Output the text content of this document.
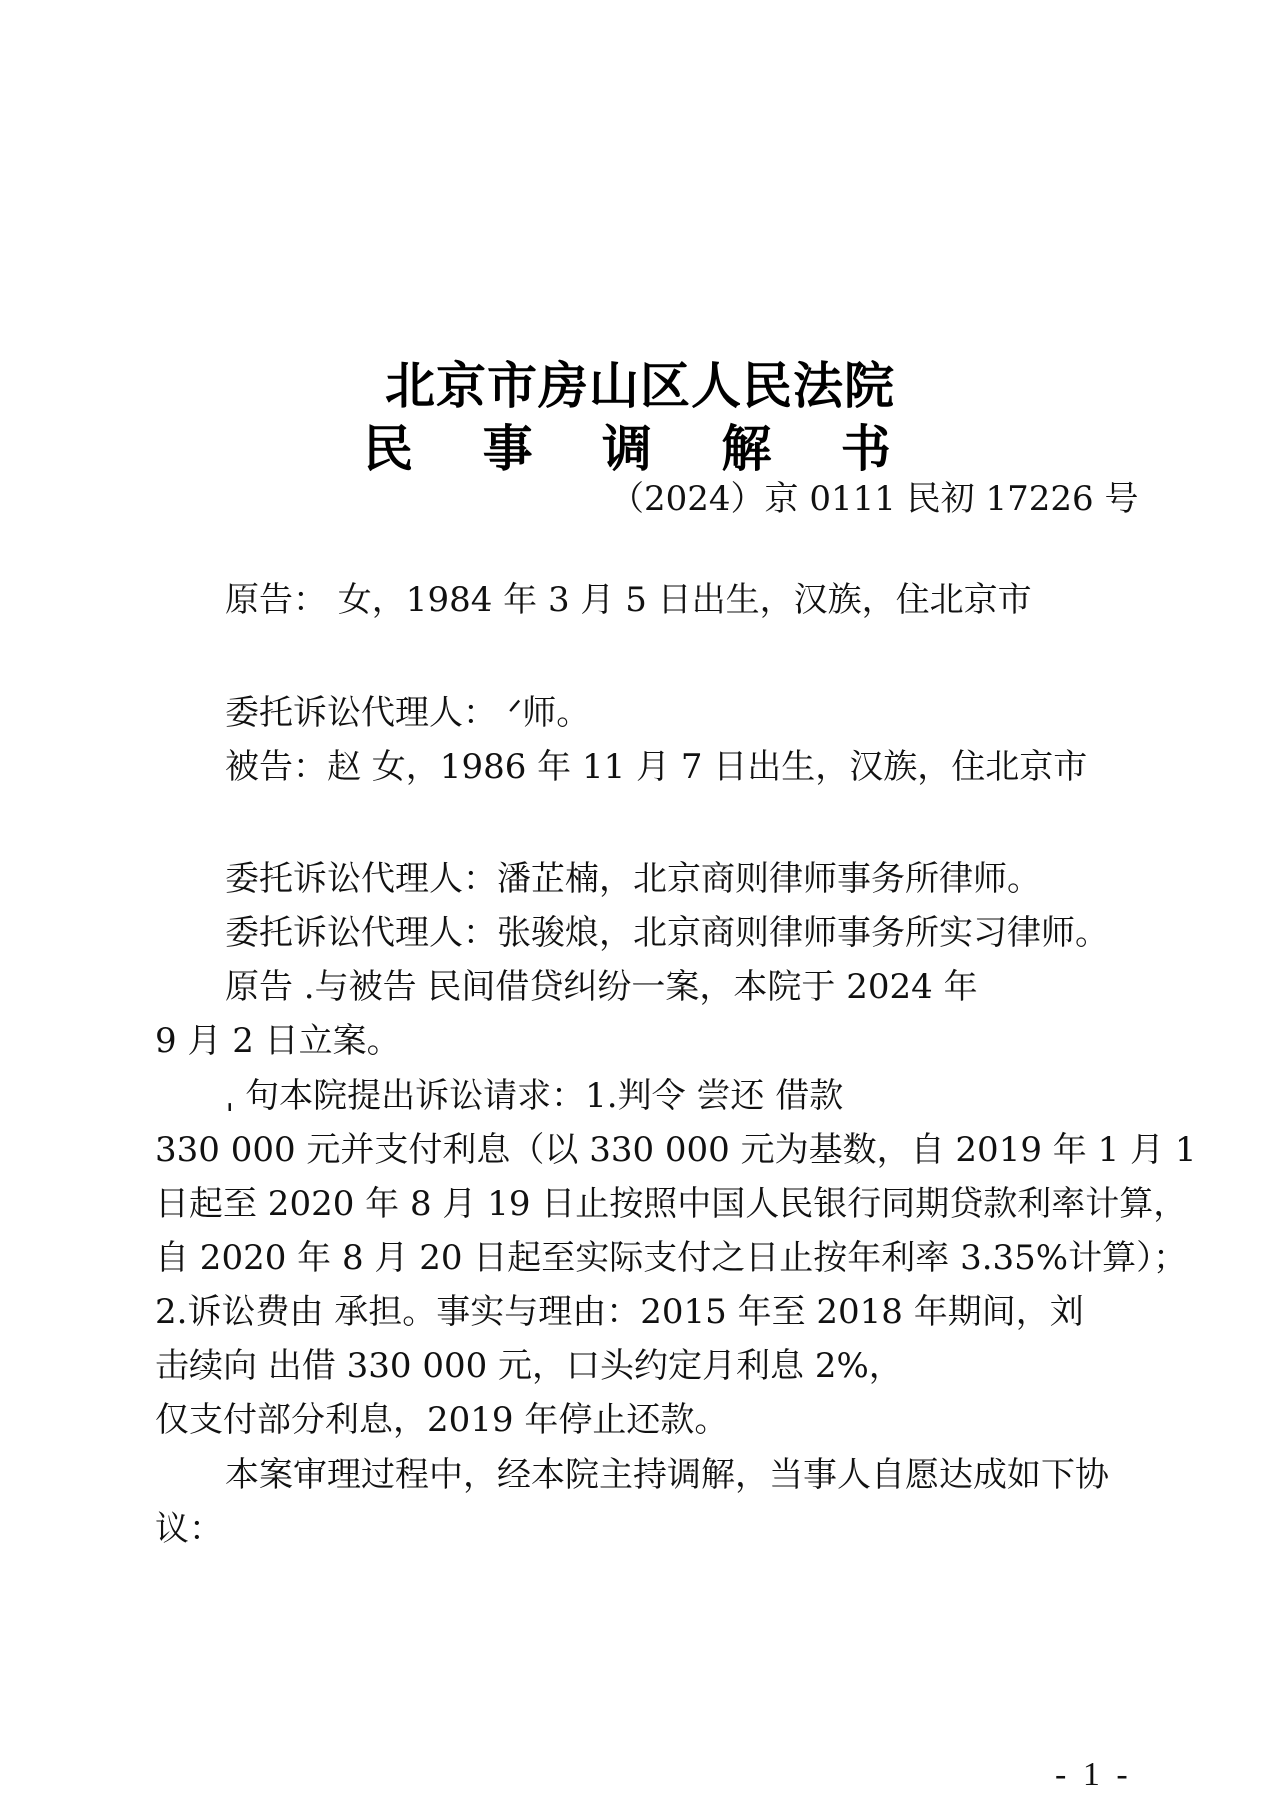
北京市房山区人民法院
民 事 调 解 书
（2024）京 0111 民初 17226 号
原告： 女，1984 年 3 月 5 日出生，汉族，住北京市
委托诉讼代理人： ᐟ师。
被告：赵 女，1986 年 11 月 7 日出生，汉族，住北京市
委托诉讼代理人：潘芷楠，北京商则律师事务所律师。
委托诉讼代理人：张骏烺，北京商则律师事务所实习律师。
原告 .与被告 民间借贷纠纷一案，本院于 2024 年
9 月 2 日立案。
ˌ 句本院提出诉讼请求：1.判令 尝还 借款
330 000 元并支付利息（以 330 000 元为基数，自 2019 年 1 月 1
日起至 2020 年 8 月 19 日止按照中国人民银行同期贷款利率计算，
自 2020 年 8 月 20 日起至实际支付之日止按年利率 3.35%计算）；
2.诉讼费由 承担。事实与理由：2015 年至 2018 年期间，刘
击续向 出借 330 000 元，口头约定月利息 2%，
仅支付部分利息，2019 年停止还款。
本案审理过程中，经本院主持调解，当事人自愿达成如下协
议：
- 1 -
